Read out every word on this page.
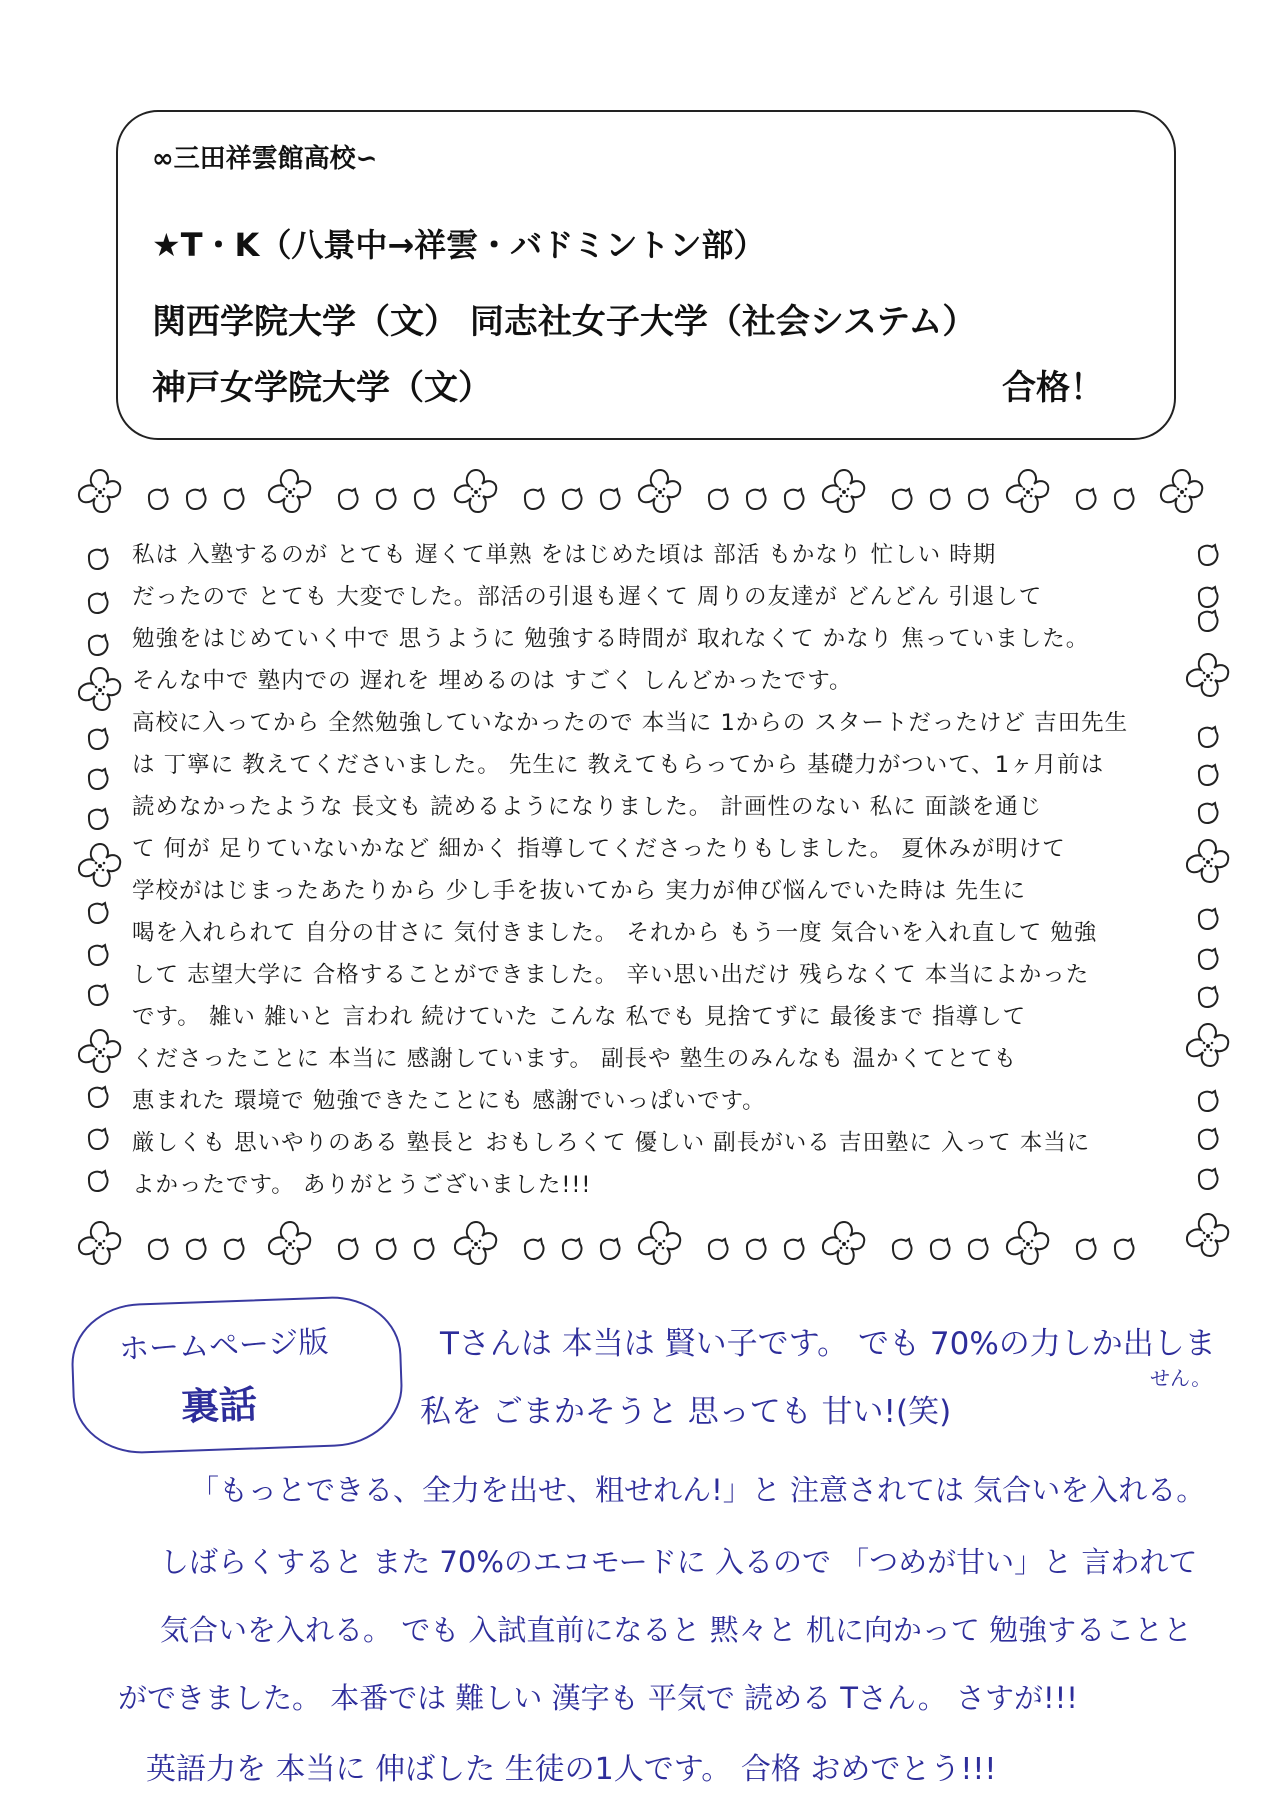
∞三田祥雲館高校∽
★T・K（八景中→祥雲・バドミントン部）
関西学院大学（文） 同志社女子大学（社会システム）
神戸女学院大学（文）	合格！
私は 入塾するのが とても 遅くて単熟 をはじめた頃は 部活 もかなり 忙しい 時期
だったので とても 大変でした。部活の引退も遅くて 周りの友達が どんどん 引退して
勉強をはじめていく中で 思うように 勉強する時間が 取れなくて かなり 焦っていました。
そんな中で 塾内での 遅れを 埋めるのは すごく しんどかったです。
高校に入ってから 全然勉強していなかったので 本当に 1からの スタートだったけど 吉田先生
は 丁寧に 教えてくださいました。 先生に 教えてもらってから 基礎力がついて、1ヶ月前は
読めなかったような 長文も 読めるようになりました。 計画性のない 私に 面談を通じ
て 何が 足りていないかなど 細かく 指導してくださったりもしました。 夏休みが明けて
学校がはじまったあたりから 少し手を抜いてから 実力が伸び悩んでいた時は 先生に
喝を入れられて 自分の甘さに 気付きました。 それから もう一度 気合いを入れ直して 勉強
して 志望大学に 合格することができました。 辛い思い出だけ 残らなくて 本当によかった
です。 雑い 雑いと 言われ 続けていた こんな 私でも 見捨てずに 最後まで 指導して
くださったことに 本当に 感謝しています。 副長や 塾生のみんなも 温かくてとても
恵まれた 環境で 勉強できたことにも 感謝でいっぱいです。
厳しくも 思いやりのある 塾長と おもしろくて 優しい 副長がいる 吉田塾に 入って 本当に
よかったです。 ありがとうございました!!!
ホームページ版
裏話
Tさんは 本当は 賢い子です。 でも 70%の力しか出しま
せん。
私を ごまかそうと 思っても 甘い!(笑)
「もっとできる、全力を出せ、粗せれん!」と 注意されては 気合いを入れる。
しばらくすると また 70%のエコモードに 入るので 「つめが甘い」と 言われて
気合いを入れる。 でも 入試直前になると 黙々と 机に向かって 勉強することと
ができました。 本番では 難しい 漢字も 平気で 読める Tさん。 さすが!!!
英語力を 本当に 伸ばした 生徒の1人です。 合格 おめでとう!!!
